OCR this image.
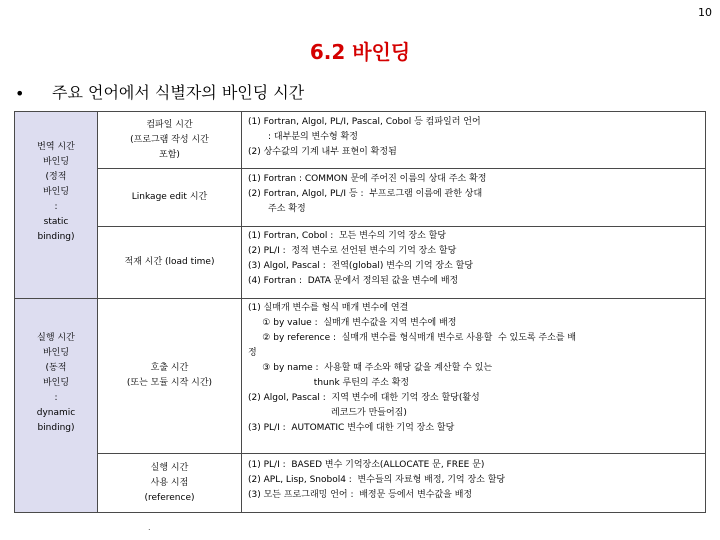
10
6.2 바인딩
• 주요 언어에서 식별자의 바인딩 시간
번역 시간
바인딩
(정적
바인딩
:
static
binding)
실행 시간
바인딩
(동적
바인딩
:
dynamic
binding)
컴파일 시간
(프로그램 작성 시간
포함)
Linkage edit 시간
적재 시간 (load time)
호출 시간
(또는 모듈 시작 시간)
실행 시간
사용 시점
(reference)
(1) Fortran, Algol, PL/I, Pascal, Cobol 등 컴파일러 언어
: 대부분의 변수형 확정
(2) 상수값의 기계 내부 표현이 확정됨
(1) Fortran : COMMON 문에 주어진 이름의 상대 주소 확정
(2) Fortran, Algol, PL/I 등 :  부프로그램 이름에 관한 상대
주소 확정
(1) Fortran, Cobol :  모든 변수의 기억 장소 할당
(2) PL/I :  정적 변수로 선언된 변수의 기억 장소 할당
(3) Algol, Pascal :  전역(global) 변수의 기억 장소 할당
(4) Fortran :  DATA 문에서 정의된 값을 변수에 배정
(1) 실매개 변수를 형식 매개 변수에 연결
① by value :  실매개 변수값을 지역 변수에 배정
② by reference :  실매개 변수를 형식매개 변수로 사용할  수 있도록 주소를 배
정
③ by name :  사용할 때 주소와 해당 값을 계산할 수 있는
thunk 루틴의 주소 확정
(2) Algol, Pascal :  지역 변수에 대한 기억 장소 할당(활성
레코드가 만들어짐)
(3) PL/I :  AUTOMATIC 변수에 대한 기억 장소 할당
(1) PL/I :  BASED 변수 기억장소(ALLOCATE 문, FREE 문)
(2) APL, Lisp, Snobol4 :  변수들의 자료형 배정, 기억 장소 할당
(3) 모든 프로그래밍 언어 :  배정문 등에서 변수값을 배정
.
